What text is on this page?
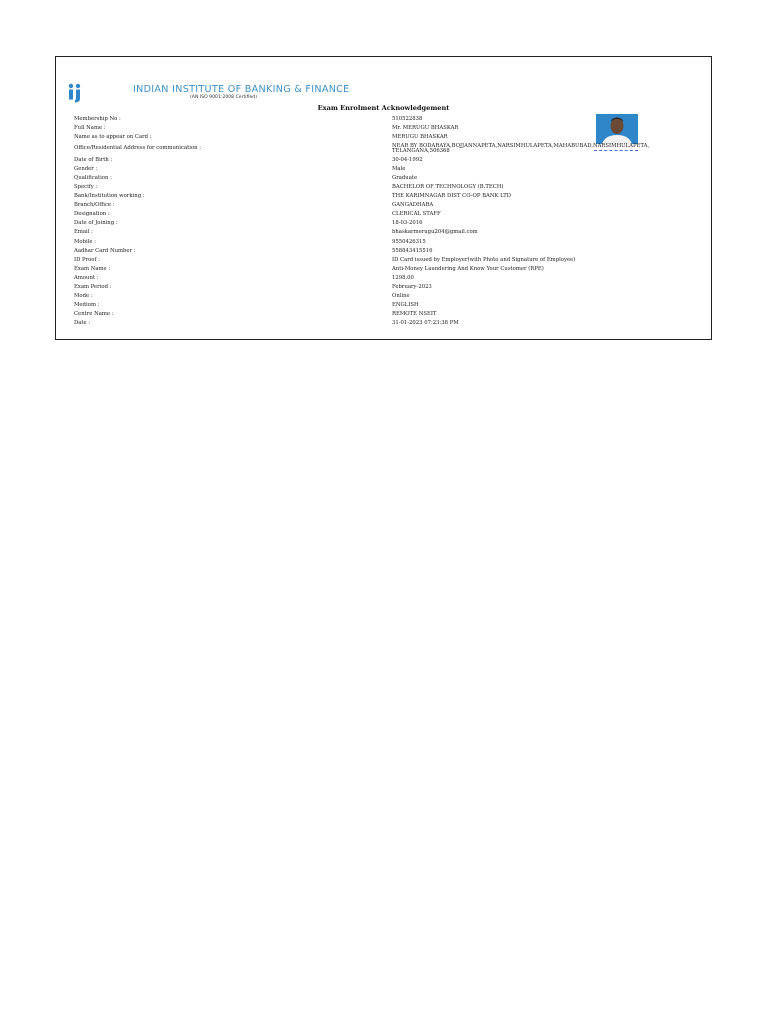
INDIAN INSTITUTE OF BANKING & FINANCE
(AN ISO 9001:2008 Certified)
Exam Enrolment Acknowledgement
Membership No :	510522838
Full Name :	Mr. MERUGU BHASKAR
Name as to appear on Card :	MERUGU BHASKAR
Office/Residential Address for communication :	NEAR BY BODARAYA,BOJJANNAPETA,NARSIMHULAPETA,MAHABUBAD,NARSIMHULAPETA,
TELANGANA,506368
Date of Birth :	30-04-1992
Gender :	Male
Qualification :	Graduate
Specify :	BACHELOR OF TECHNOLOGY (B.TECH)
Bank/Institution working :	THE KARIMNAGAR DIST CO-OP BANK LTD
Branch/Office :	GANGADHARA
Designation :	CLERICAL STAFF
Date of Joining :	18-03-2016
Email :	bhaskarmerugu204@gmail.com
Mobile :	9550426315
Aadhar Card Number :	558843415516
ID Proof :	ID Card issued by Employer(with Photo and Signature of Employee)
Exam Name :	Anti-Money Laundering And Know Your Customer (RPE)
Amount :	1298.00
Exam Period :	February-2023
Mode :	Online
Medium :	ENGLISH
Centre Name :	REMOTE NSEIT
Date :	31-01-2023 07:23:38 PM
